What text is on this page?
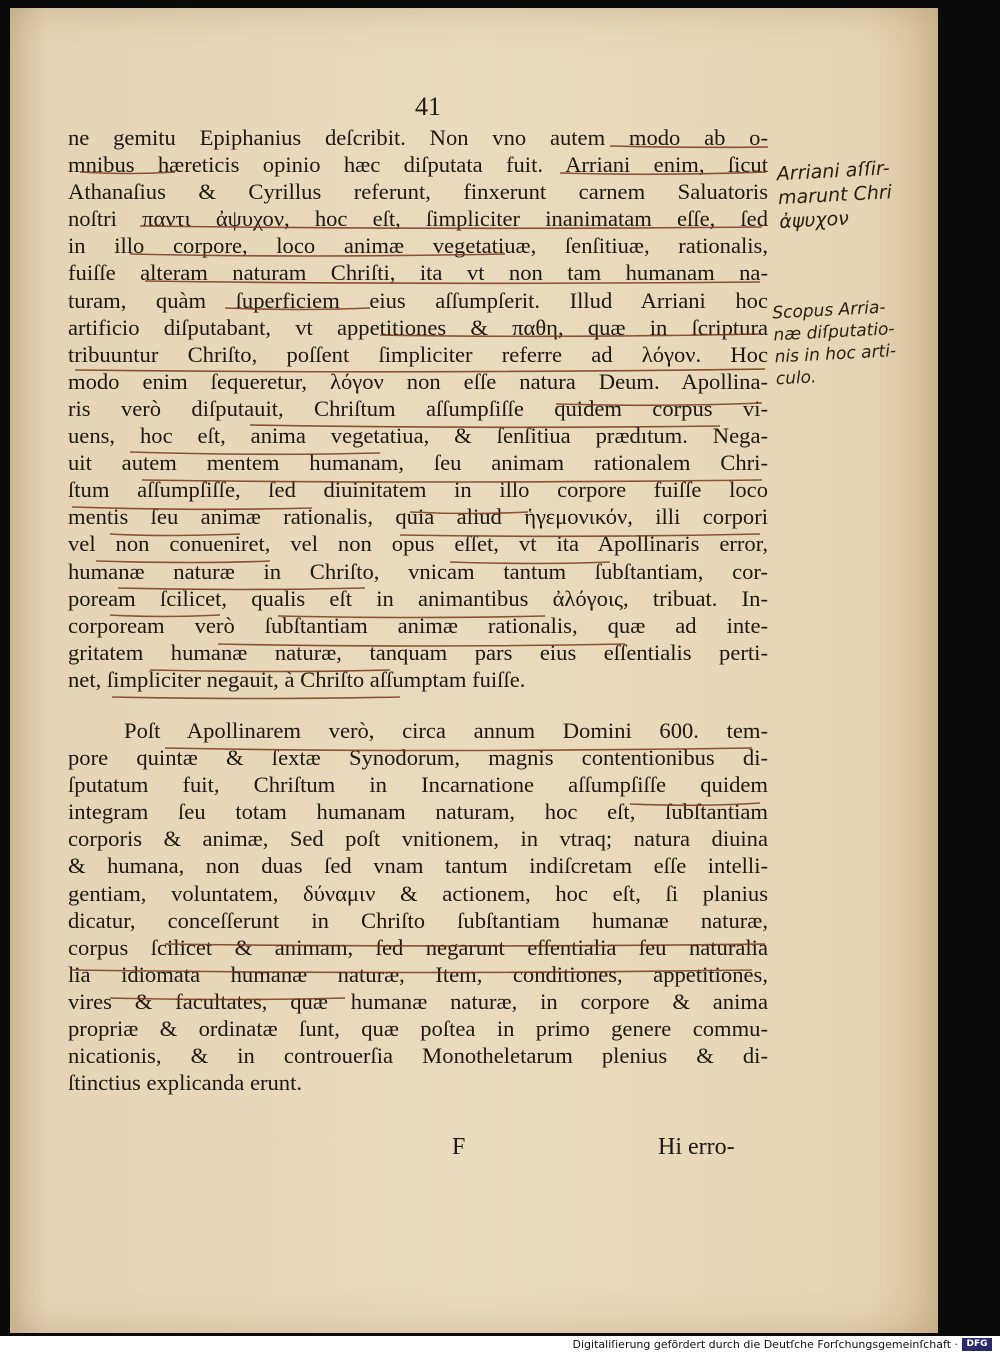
41
ne gemitu Epiphanius deſcribit. Non vno autem modo ab o-
mnibus hæreticis opinio hæc diſputata fuit. Arriani enim, ſicut
Athanaſius & Cyrillus referunt, finxerunt carnem Saluatoris
noſtri παντι ἀψυχον, hoc eſt, ſimpliciter inanimatam eſſe, ſed
in illo corpore, loco animæ vegetatiuæ, ſenſitiuæ, rationalis,
fuiſſe alteram naturam Chriſti, ita vt non tam humanam na-
turam, quàm ſuperficiem eius aſſumpſerit. Illud Arriani hoc
artificio diſputabant, vt appetitiones & παθη, quæ in ſcriptura
tribuuntur Chriſto, poſſent ſimpliciter referre ad λόγον. Hoc
modo enim ſequeretur, λόγον non eſſe natura Deum. Apollina-
ris verò diſputauit, Chriſtum aſſumpſiſſe quidem corpus vi-
uens, hoc eſt, anima vegetatiua, & ſenſitiua prædıtum. Nega-
uit autem mentem humanam, ſeu animam rationalem Chri-
ſtum aſſumpſiſſe, ſed diuinitatem in illo corpore fuiſſe loco
mentis ſeu animæ rationalis, quia aliud ἡγεμονικόν, illi corpori
vel non conueniret, vel non opus eſſet, vt ita Apollinaris error,
humanæ naturæ in Chriſto, vnicam tantum ſubſtantiam, cor-
poream ſcilicet, qualis eſt in animantibus ἀλόγοις, tribuat. In-
corpoream verò ſubſtantiam animæ rationalis, quæ ad inte-
gritatem humanæ naturæ, tanquam pars eius eſſentialis perti-
net, ſimpliciter negauit, à Chriſto aſſumptam fuiſſe.
Poſt Apollinarem verò, circa annum Domini 600. tem-
pore quintæ & ſextæ Synodorum, magnis contentionibus di-
ſputatum fuit, Chriſtum in Incarnatione aſſumpſiſſe quidem
integram ſeu totam humanam naturam, hoc eſt, ſubſtantiam
corporis & animæ, Sed poſt vnitionem, in vtraq; natura diuina
& humana, non duas ſed vnam tantum indiſcretam eſſe intelli-
gentiam, voluntatem, δύναμιν & actionem, hoc eſt, ſi planius
dicatur, conceſſerunt in Chriſto ſubſtantiam humanæ naturæ,
corpus ſcilicet & animam, ſed negarunt eſſentialia ſeu naturalia
lia idiomata humanæ naturæ, Item, conditiones, appetitiones,
vires & facultates, quæ humanæ naturæ, in corpore & anima
propriæ & ordinatæ ſunt, quæ poſtea in primo genere commu-
nicationis, & in controuerſia Monotheletarum plenius & di-
ſtinctius explicanda erunt.
Arriani aſſir-
marunt Chri
ἀψυχον
Scopus Arria-
næ diſputatio-
nis in hoc arti-
culo.
F	Hi erro-
Digitaliſierung gefördert durch die Deutſche Forſchungsgemeinſchaft · DFG
